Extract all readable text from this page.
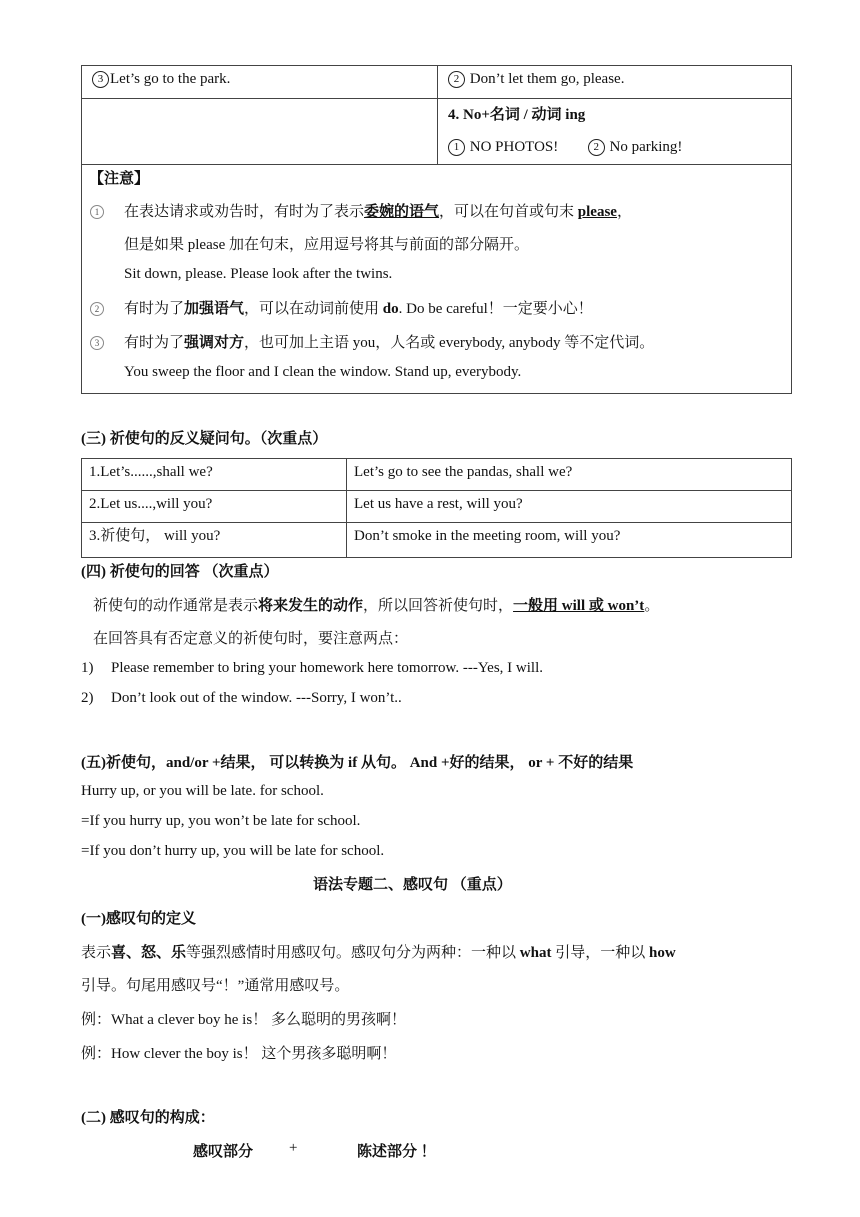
3 Let’s go to the park.	2 Don’t let them go, please.

	4. No+名词 / 动词 ing
1 NO PHOTOS! 2 No parking!
【注意】
1	在表达请求或劝告时，有时为了表示委婉的语气，可以在句首或句末 please，
但是如果 please 加在句末，应用逗号将其与前面的部分隔开。
Sit down, please. Please look after the twins.
2	有时为了加强语气，可以在动词前使用 do. Do be careful！一定要小心！
3	有时为了强调对方，也可加上主语 you，人名或 everybody, anybody 等不定代词。
You sweep the floor and I clean the window. Stand up, everybody.
(三) 祈使句的反义疑问句。（次重点）
1.Let’s......,shall we?	Let’s go to see the pandas, shall we?
2.Let us....,will you?	Let us have a rest, will you?
3.祈使句， will you?	Don’t smoke in the meeting room, will you?
(四) 祈使句的回答 （次重点）
祈使句的动作通常是表示将来发生的动作，所以回答祈使句时，一般用 will 或 won’t。
在回答具有否定意义的祈使句时，要注意两点：
1) Please remember to bring your homework here tomorrow. ---Yes, I will.
2) Don’t look out of the window. ---Sorry, I won’t..
(五)祈使句，and/or +结果， 可以转换为 if 从句。 And +好的结果， or + 不好的结果
Hurry up, or you will be late. for school.
=If you hurry up, you won’t be late for school.
=If you don’t hurry up, you will be late for school.
语法专题二、感叹句 （重点）
(一)感叹句的定义
表示喜、怒、乐等强烈感情时用感叹句。感叹句分为两种：一种以 what 引导，一种以 how
引导。句尾用感叹号“！”通常用感叹号。
例：What a clever boy he is！ 多么聪明的男孩啊！
例：How clever the boy is！ 这个男孩多聪明啊！
(二) 感叹句的构成：
感叹部分 +	陈述部分 ！
